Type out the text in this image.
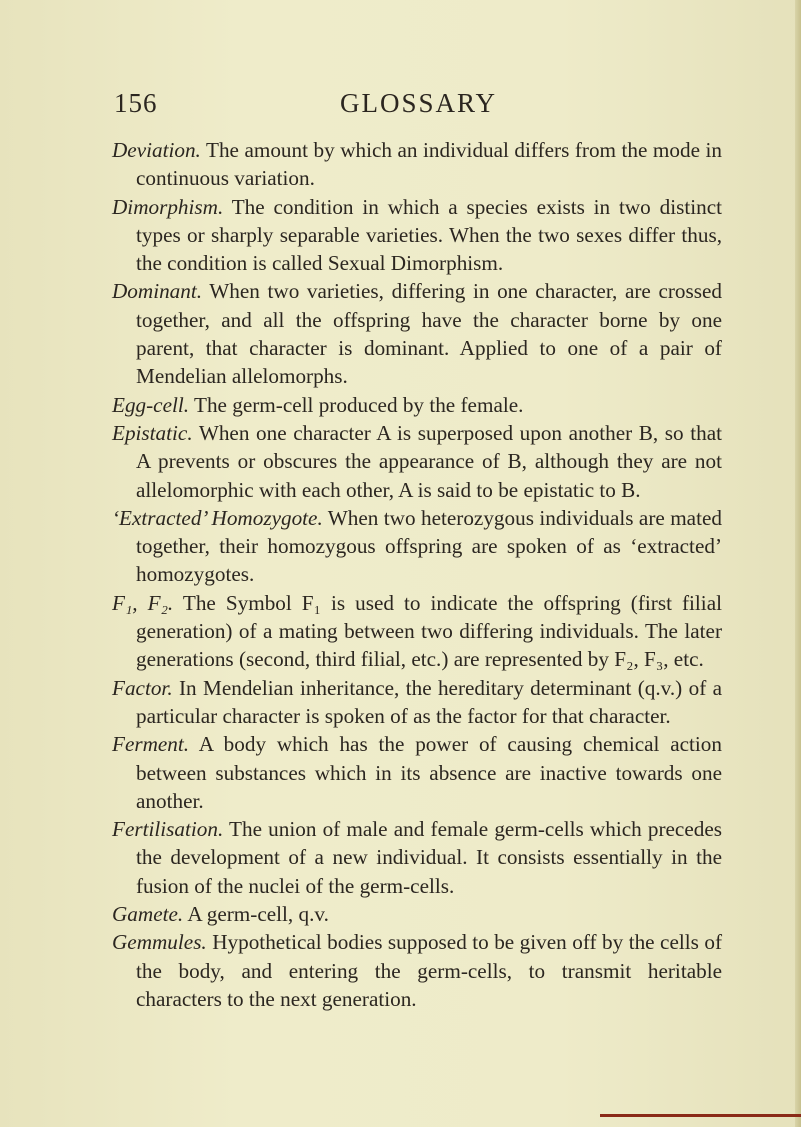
156	GLOSSARY

Deviation. The amount by which an individual differs from the mode in continuous variation.

Dimorphism. The condition in which a species exists in two distinct types or sharply separable varieties. When the two sexes differ thus, the condition is called Sexual Dimorphism.

Dominant. When two varieties, differing in one character, are crossed together, and all the offspring have the character borne by one parent, that character is dominant. Applied to one of a pair of Mendelian allelomorphs.

Egg-cell. The germ-cell produced by the female.

Epistatic. When one character A is superposed upon another B, so that A prevents or obscures the appearance of B, although they are not allelomorphic with each other, A is said to be epistatic to B.

‘Extracted’ Homozygote. When two heterozygous individuals are mated together, their homozygous offspring are spoken of as ‘extracted’ homozygotes.

F₁, F₂. The Symbol F₁ is used to indicate the offspring (first filial generation) of a mating between two differing individuals. The later generations (second, third filial, etc.) are represented by F₂, F₃, etc.

Factor. In Mendelian inheritance, the hereditary determinant (q.v.) of a particular character is spoken of as the factor for that character.

Ferment. A body which has the power of causing chemical action between substances which in its absence are inactive towards one another.

Fertilisation. The union of male and female germ-cells which precedes the development of a new individual. It consists essentially in the fusion of the nuclei of the germ-cells.

Gamete. A germ-cell, q.v.

Gemmules. Hypothetical bodies supposed to be given off by the cells of the body, and entering the germ-cells, to transmit heritable characters to the next generation.
